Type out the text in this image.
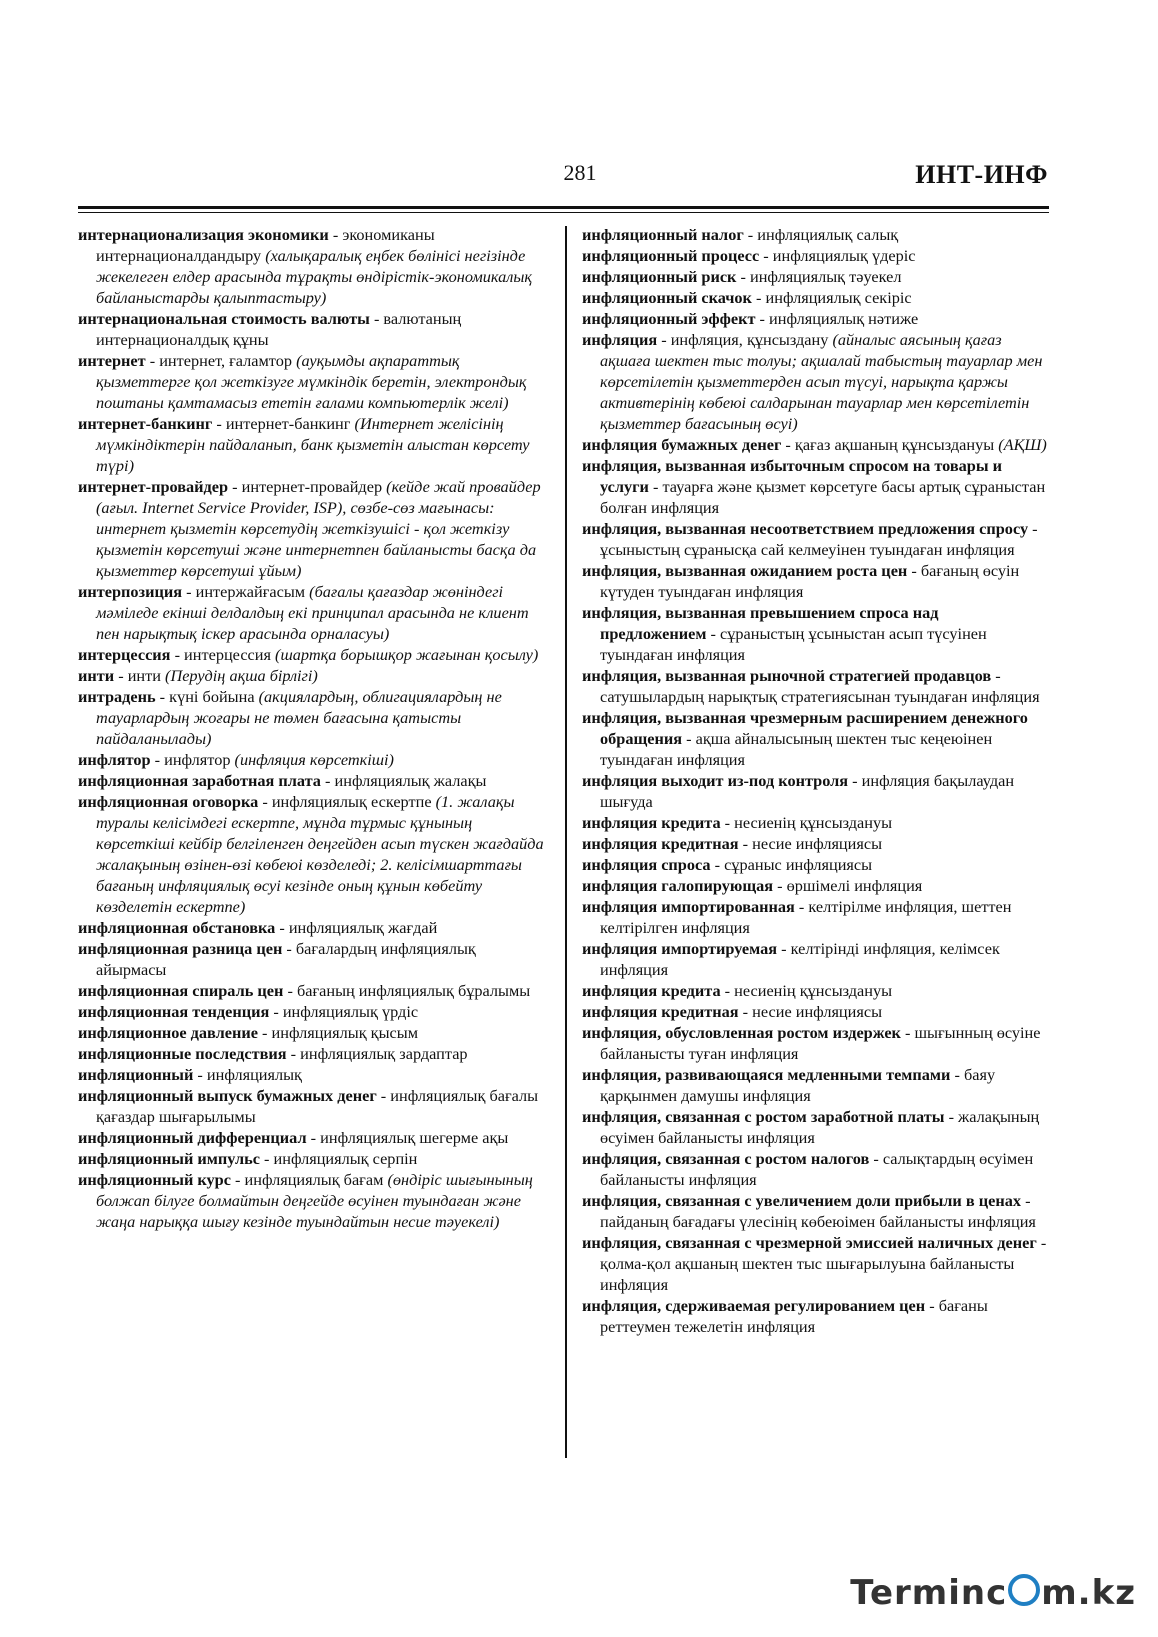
281	ИНТ-ИНФ

интернационализация экономики - экономиканы интернационалдандыру (халықаралық еңбек бөлінісі негізінде жекелеген елдер арасында тұрақты өндірістік-экономикалық байланыстарды қалыптастыру)

интернациональная стоимость валюты - валютаның интернационалдық құны

интернет - интернет, ғаламтор (ауқымды ақпараттық қызметтерге қол жеткізуге мүмкіндік беретін, электрондық поштаны қамтамасыз ететін ғалами компьютерлік желі)

интернет-банкинг - интернет-банкинг (Интернет желісінің мүмкіндіктерін пайдаланып, банк қызметін алыстан көрсету түрі)

интернет-провайдер - интернет-провайдер (кейде жай провайдер (ағыл. Internet Service Provider, ISP), сөзбе-сөз мағынасы: интернет қызметін көрсетудің жеткізушісі - қол жеткізу қызметін көрсетуші және интернетпен байланысты басқа да қызметтер көрсетуші ұйым)

интерпозиция - интержайғасым (бағалы қағаздар жөніндегі мәміледе екінші делдалдың екі принципал арасында не клиент пен нарықтық іскер арасында орналасуы)

интерцессия - интерцессия (шартқа борышқор жағынан қосылу)

инти - инти (Перудің ақша бірлігі)

интрадень - күні бойына (акциялардың, облигациялардың не тауарлардың жоғары не төмен бағасына қатысты пайдаланылады)

инфлятор - инфлятор (инфляция көрсеткіші)

инфляционная заработная плата - инфляциялық жалақы

инфляционная оговорка - инфляциялық ескертпе (1. жалақы туралы келісімдегі ескертпе, мұнда тұрмыс құнының көрсеткіші кейбір белгіленген деңгейден асып түскен жағдайда жалақының өзінен-өзі көбеюі көзделеді; 2. келісімшарттағы бағаның инфляциялық өсуі кезінде оның құнын көбейту көзделетін ескертпе)

инфляционная обстановка - инфляциялық жағдай

инфляционная разница цен - бағалардың инфляциялық айырмасы

инфляционная спираль цен - бағаның инфляциялық бұралымы

инфляционная тенденция - инфляциялық үрдіс

инфляционное давление - инфляциялық қысым

инфляционные последствия - инфляциялық зардаптар

инфляционный - инфляциялық

инфляционный выпуск бумажных денег - инфляциялық бағалы қағаздар шығарылымы

инфляционный дифференциал - инфляциялық шегерме ақы

инфляционный импульс - инфляциялық серпін

инфляционный курс - инфляциялық бағам (өндіріс шығынының болжап білуге болмайтын деңгейде өсуінен туындаған және жаңа нарыққа шығу кезінде туындайтын несие тәуекелі)

инфляционный налог - инфляциялық салық

инфляционный процесс - инфляциялық үдеріс

инфляционный риск - инфляциялық тәуекел

инфляционный скачок - инфляциялық секіріс

инфляционный эффект - инфляциялық нәтиже

инфляция - инфляция, құнсыздану (айналыс аясының қағаз ақшаға шектен тыс толуы; ақшалай табыстың тауарлар мен көрсетілетін қызметтерден асып түсуі, нарықта қаржы активтерінің көбеюі салдарынан тауарлар мен көрсетілетін қызметтер бағасының өсуі)

инфляция бумажных денег - қағаз ақшаның құнсыздануы (АҚШ)

инфляция, вызванная избыточным спросом на товары и услуги - тауарға және қызмет көрсетуге басы артық сұраныстан болған инфляция

инфляция, вызванная несоответствием предложения спросу - ұсыныстың сұранысқа сай келмеуінен туындаған инфляция

инфляция, вызванная ожиданием роста цен - бағаның өсуін күтуден туындаған инфляция

инфляция, вызванная превышением спроса над предложением - сұраныстың ұсыныстан асып түсуінен туындаған инфляция

инфляция, вызванная рыночной стратегией продавцов - сатушылардың нарықтық стратегиясынан туындаған инфляция

инфляция, вызванная чрезмерным расширением денежного обращения - ақша айналысының шектен тыс кеңеюінен туындаған инфляция

инфляция выходит из-под контроля - инфляция бақылаудан шығуда

инфляция кредита - несиенің құнсыздануы

инфляция кредитная - несие инфляциясы

инфляция спроса - сұраныс инфляциясы

инфляция галопирующая - өршімелі инфляция

инфляция импортированная - келтірілме инфляция, шеттен келтірілген инфляция

инфляция импортируемая - келтірінді инфляция, келімсек инфляция

инфляция кредита - несиенің құнсыздануы

инфляция кредитная - несие инфляциясы

инфляция, обусловленная ростом издержек - шығынның өсуіне байланысты туған инфляция

инфляция, развивающаяся медленными темпами - баяу қарқынмен дамушы инфляция

инфляция, связанная с ростом заработной платы - жалақының өсуімен байланысты инфляция

инфляция, связанная с ростом налогов - салықтардың өсуімен байланысты инфляция

инфляция, связанная с увеличением доли прибыли в ценах - пайданың бағадағы үлесінің көбеюімен байланысты инфляция

инфляция, связанная с чрезмерной эмиссией наличных денег - қолма-қол ақшаның шектен тыс шығарылуына байланысты инфляция

инфляция, сдерживаемая регулированием цен - бағаны реттеумен тежелетін инфляция

Terminc m.kz
